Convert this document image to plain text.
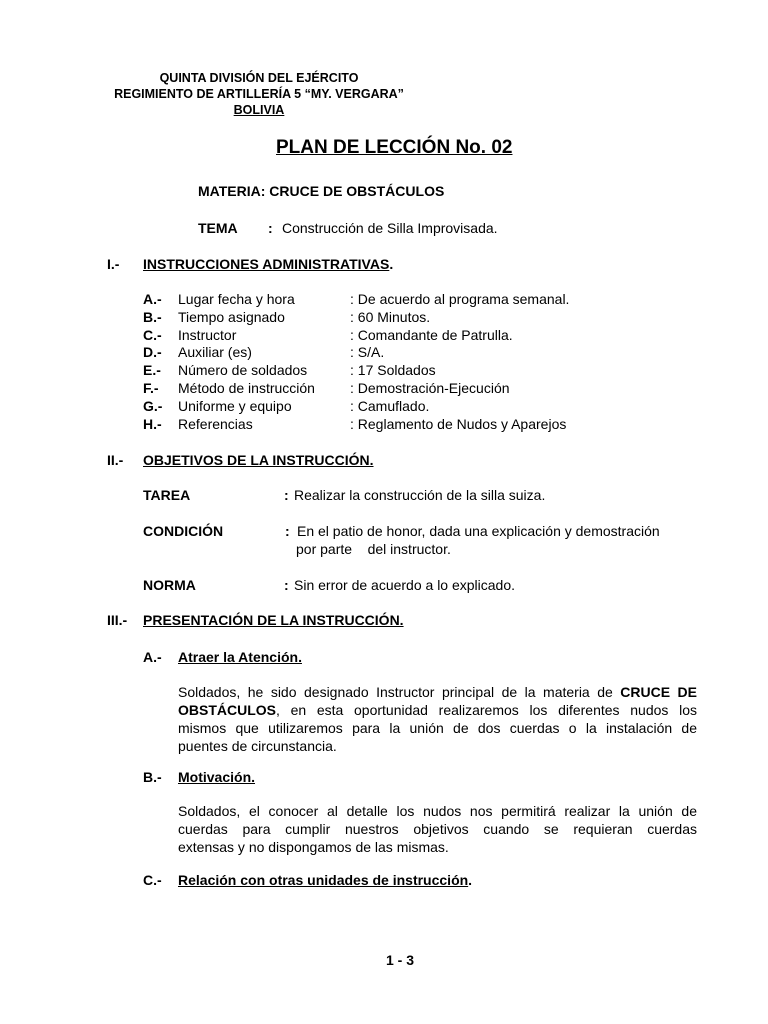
QUINTA DIVISIÓN DEL EJÉRCITO
REGIMIENTO DE ARTILLERÍA 5 “MY. VERGARA”
BOLIVIA
PLAN DE LECCIÓN No. 02
MATERIA: CRUCE DE OBSTÁCULOS
TEMA : Construcción de Silla Improvisada.
I.- INSTRUCCIONES ADMINISTRATIVAS.
A.- Lugar fecha y hora	: De acuerdo al programa semanal.
B.- Tiempo asignado	: 60 Minutos.
C.- Instructor	: Comandante de Patrulla.
D.- Auxiliar (es)	: S/A.
E.- Número de soldados	: 17 Soldados
F.- Método de instrucción	: Demostración-Ejecución
G.- Uniforme y equipo	: Camuflado.
H.- Referencias	: Reglamento de Nudos y Aparejos
II.- OBJETIVOS DE LA INSTRUCCIÓN.
TAREA	: Realizar la construcción de la silla suiza.
CONDICIÓN	: En el patio de honor, dada una explicación y demostración
por parte    del instructor.
NORMA	: Sin error de acuerdo a lo explicado.
III.- PRESENTACIÓN DE LA INSTRUCCIÓN.
A.- Atraer la Atención.
Soldados, he sido designado Instructor principal de la materia de CRUCE DE
OBSTÁCULOS, en esta oportunidad realizaremos los diferentes nudos los
mismos que utilizaremos para la unión de dos cuerdas o la instalación de
puentes de circunstancia.
B.- Motivación.
Soldados, el conocer al detalle los nudos nos permitirá realizar la unión de
cuerdas para cumplir nuestros objetivos cuando se requieran cuerdas
extensas y no dispongamos de las mismas.
C.- Relación con otras unidades de instrucción.
1 - 3
